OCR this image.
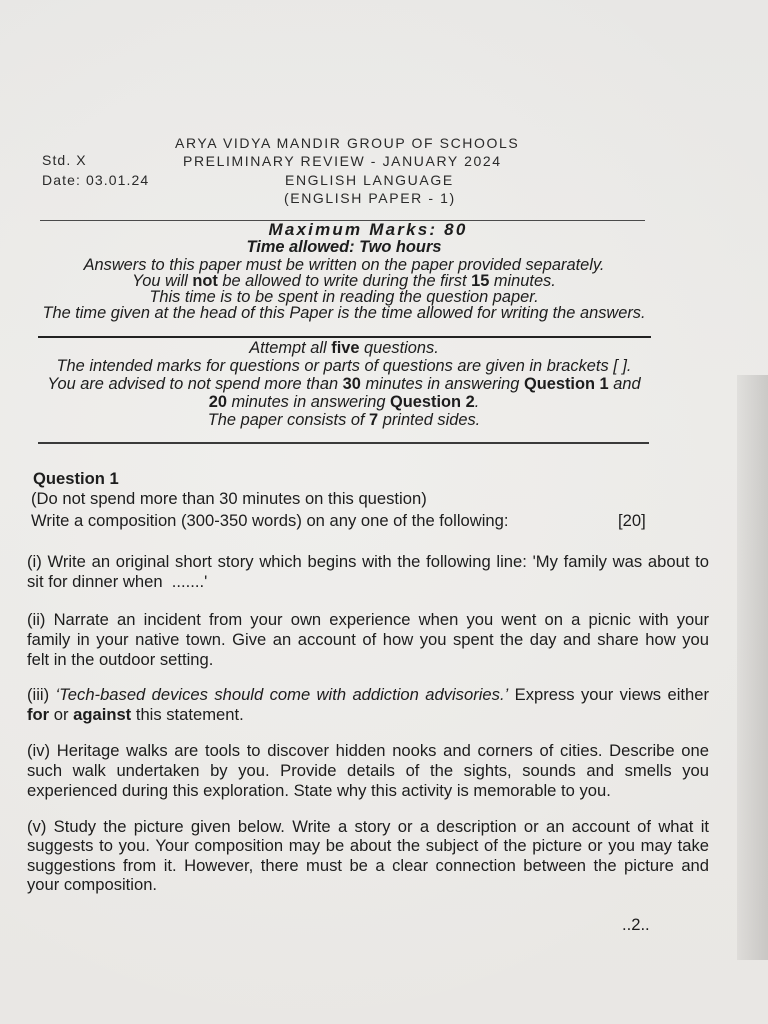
ARYA VIDYA MANDIR GROUP OF SCHOOLS
Std. X	PRELIMINARY REVIEW - JANUARY 2024
Date: 03.01.24	ENGLISH LANGUAGE
(ENGLISH PAPER - 1)
Maximum Marks: 80
Time allowed: Two hours
Answers to this paper must be written on the paper provided separately.
You will not be allowed to write during the first 15 minutes.
This time is to be spent in reading the question paper.
The time given at the head of this Paper is the time allowed for writing the answers.
Attempt all five questions.
The intended marks for questions or parts of questions are given in brackets [ ].
You are advised to not spend more than 30 minutes in answering Question 1 and
20 minutes in answering Question 2.
The paper consists of 7 printed sides.
Question 1
(Do not spend more than 30 minutes on this question)
Write a composition (300-350 words) on any one of the following:	[20]
(i) Write an original short story which begins with the following line: 'My family was about to
sit for dinner when  .......'
(ii) Narrate an incident from your own experience when you went on a picnic with your
family in your native town. Give an account of how you spent the day and share how you
felt in the outdoor setting.
(iii) ‘Tech-based devices should come with addiction advisories.’ Express your views either
for or against this statement.
(iv) Heritage walks are tools to discover hidden nooks and corners of cities. Describe one
such walk undertaken by you. Provide details of the sights, sounds and smells you
experienced during this exploration. State why this activity is memorable to you.
(v) Study the picture given below. Write a story or a description or an account of what it
suggests to you. Your composition may be about the subject of the picture or you may take
suggestions from it. However, there must be a clear connection between the picture and
your composition.
..2..
